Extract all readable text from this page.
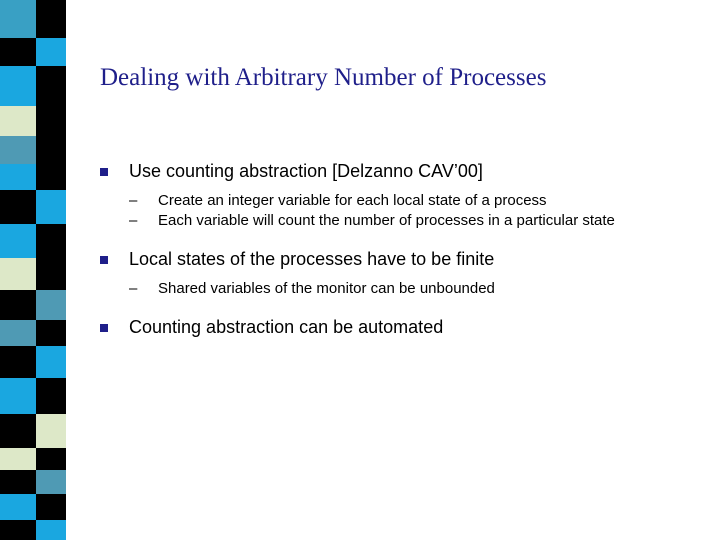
Dealing with Arbitrary Number of Processes
Use counting abstraction [Delzanno CAV’00]
– Create an integer variable for each local state of a process
– Each variable will count the number of processes in a particular state
Local states of the processes have to be finite
– Shared variables of the monitor can be unbounded
Counting abstraction can be automated
